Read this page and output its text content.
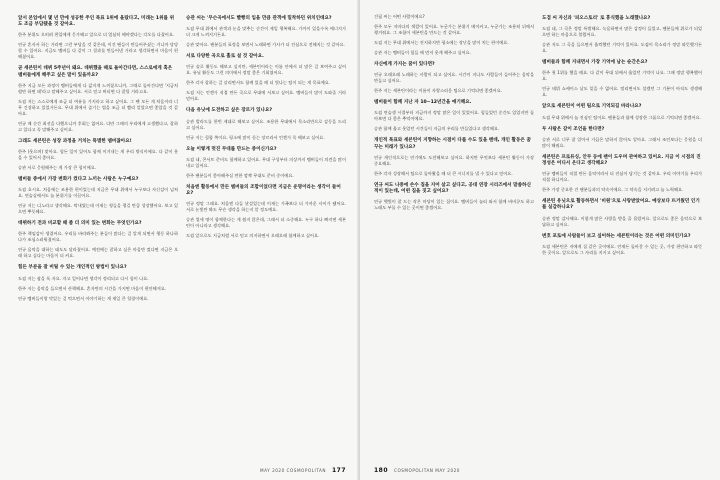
앞서 본업에서 몇 년 만에 성공한 주인 목표 1위에 올랐다고, 미래는 1위를 위도 조금 부담됐을 것 같아요.
한주 분위도 오히려 편입에게 응가해고 앞으로 더 열심히 해야겠다는 각오를 다졌어요.
연규 혼자서 하는 거라면 그런 부담을 것 같은데, 이건 팬들이 만들어주셨는 거니까 당당할 수 있어요. 지금도 멤버들 다 같이 그 결과를 만들어낸 거라고 생각하면서 마음이 편해졌어요.
곧 세븐틴이 데뷔 5주년이 돼요. 데뷔했을 때로 돌아간다면, 스스로에게 혹은 멤버들에게 해주고 싶은 말이 있을까요?
한주 지금 모든 과정이 멤버들에게 다 값지게 느껴졌으니까, 그때로 돌아간다면 '지금처럼만 하면 돼'라고 말해주고 싶어요. 서로 믿고 버티면 다 잘될 거라고요.
도겸 저는 스스로에게 조금 더 여유를 가지라고 하고 싶어요. 그 땐 모든 게 처음이라 너무 긴장하고 있었거든요. 무대 위에서 즐기는 법을 조금 더 빨리 알았으면 좋았을 것 같아요.
연규 매 순간 최선을 다했으니까 후회는 없어요. 다만 그때의 우리에게 고생했다고, 잘하고 있다고 꼭 말해주고 싶어요.
그래도 세븐틴은 성장 과정을 거치는 특별한 멤버잖아요!
한주 (웃으며) 맞아요. 힘든 일이 있어도 함께 이겨내는 게 우리 방식이에요. 다 같이 웃을 수 있어서 좋아요.
승관 서로 응원해주는 게 가장 큰 힘이에요.
멤버들 중에서 가장 변화가 컸다고 느끼는 사람은 누구예요?
도겸 호시요. 처음에는 조용한 편이었는데 지금은 무대 위에서 누구보다 자신감이 넘쳐요. 연습실에서도 늘 분위기를 이끌어요.
연규 저는 디노라고 생각해요. 막내였는데 이제는 형들을 챙길 만큼 성장했어요. 보고 있으면 뿌듯해요.
데뷔하기 전과 비교할 때 좀 더 의미 있는 변화는 무엇인가요?
한주 책임감이 생겼어요. 우리를 바라봐주는 분들이 많다는 걸 알게 되면서 행동 하나하나가 조심스러워졌어요.
연규 음악을 대하는 태도도 달라졌어요. 예전에는 잘하고 싶은 마음만 컸다면 지금은 오래 하고 싶다는 마음이 더 커요.
힘든 부분을 잘 버틸 수 있는 개인적인 방법이 있나요?
도겸 저는 잠을 푹 자요. 자고 일어나면 생각이 정리되고 다시 힘이 나요.
한주 저는 음악을 들으면서 산책해요. 혼자만의 시간을 가지면 마음이 편안해져요.
연규 멤버들이랑 맛있는 걸 먹으면서 이야기하는 게 제일 큰 힐링이에요.
승관 씨는 '무슨곡에서도 빨빵의 입을 만큼 관객에 밀착하던 위치인데요?
도겸 무대 위에서 관객과 눈을 맞추는 순간이 제일 행복해요. 가까이 있을수록 에너지가 더 크게 느껴지거든요.
승관 맞아요. 팬분들의 표정을 보면서 노래하면 가사가 더 진심으로 전해지는 것 같아요.
서로 다양한 곡으로 홀로 설 것 같아요.
연규 솔로 활동도 해보고 싶지만, 세븐틴이라는 이름 안에서 더 많은 걸 보여주고 싶어요. 유닛 활동도 그런 의미에서 정말 좋은 기회였어요.
한주 각자 잘하는 걸 살리면서도 함께 있을 때 더 빛나는 팀이 되는 게 목표예요.
도겸 저는 언젠가 직접 만든 곡으로 무대에 서보고 싶어요. 멤버들이 많이 도와줄 거라 믿어요.
다음 유닛에 도전하고 싶은 장르가 있나요?
승관 발라드를 한번 제대로 해보고 싶어요. 조용한 무대에서 목소리만으로 감동을 드리고 싶어요.
연규 저는 힙합 쪽이요. 평소에 많이 듣는 장르라서 언젠가 꼭 해보고 싶어요.
오늘 이렇게 멋진 무대를 만드는 중이신가요?
도겸 네, 콘서트 준비도 함께하고 있어요. 무대 구성부터 의상까지 멤버들이 의견을 많이 내고 있어요.
한주 팬분들이 좋아해주실 만한 깜짝 무대도 준비 중이에요.
처음엔 활동에서 만든 멤버들의 조합이었다면 지금은 운명이라는 생각이 들어요?
연규 정말 그래요. 처음엔 다들 낯설었는데 이제는 가족보다 더 가까운 사이가 됐어요. 서로 눈빛만 봐도 무슨 생각을 하는지 알 정도예요.
승관 열세 명이 함께한다는 게 쉽지 않은데, 그래서 더 소중해요. 누구 하나 빠지면 세븐틴이 아니라고 생각해요.
도겸 앞으로도 지금처럼 서로 믿고 의지하면서 오래오래 함께하고 싶어요.
MAY 2020 COSMOPOLITAN 177
건필 씨는 어떤 사람이에요?
한주 모두 저마다의 색깔이 있어요. 누군가는 분위기 메이커고, 누군가는 조용히 뒤에서 챙겨줘요. 그 조합이 세븐틴을 만드는 것 같아요.
도겸 저는 무대 위에서는 진지하지만 평소에는 장난을 많이 치는 편이에요.
승관 저는 멤버들이 힘들 때 먼저 웃게 해주고 싶어요.
자신에게 가지는 꿈이 있다면?
연규 오래오래 노래하는 사람이 되고 싶어요. 시간이 지나도 사람들이 들어주는 음악을 만들고 싶어요.
한주 저는 세븐틴이라는 이름이 자랑스러운 팀으로 기억되면 좋겠어요.
멤버들이 함께 지난 자 10~12년간을 얘기해요.
도겸 연습생 시절부터 지금까지 정말 많은 일이 있었어요. 힘들었던 순간도 있었지만 돌아보면 다 좋은 추억이에요.
승관 함께 울고 웃었던 시간들이 지금의 우리를 만들었다고 생각해요.
개인적 목표와 세븐틴이 지향하는 시점이 다를 수도 있을 텐데, 개인 활동은 꿈꾸는 미래가 있나요?
연규 개인적으로는 연기에도 도전해보고 싶어요. 하지만 무엇보다 세븐틴 활동이 가장 중요해요.
한주 각자 성장해서 팀으로 돌아왔을 때 더 큰 시너지를 낼 수 있다고 믿어요.
연규 씨도 나중에 손수 집을 지어 살고 싶다고, 공대 연장 시리즈에서 말씀하신 적이 있는데, 어떤 집을 짓고 싶어요?
연규 햇빛이 잘 드는 작은 마당이 있는 집이요. 멤버들이 놀러 와서 함께 바비큐도 하고 노래도 부를 수 있는 곳이면 좋겠어요.
도겸 씨 자신과 '피오스토리' 로 휴식했을 노래했나요?
도겸 네, 그 곡은 정말 특별해요. 녹음하면서 많은 감정이 들었고, 팬분들께 위로가 되었으면 하는 마음으로 불렀어요.
승관 저도 그 곡을 들으면서 울컥했던 기억이 있어요. 도겸이 목소리가 정말 따뜻했거든요.
멤버들과 함께 지내면서 가장 기억에 남는 순간은요?
한주 첫 1위를 했을 때요. 다 같이 무대 뒤에서 울었던 기억이 나요. 그때 정말 행복했어요.
연규 데뷔 쇼케이스 날도 잊을 수 없어요. 떨리면서도 설렜던 그 기분이 아직도 생생해요.
앞으로 세븐틴이 어떤 팀으로 기억되길 바라나요?
도겸 무대 위에서 늘 진심인 팀이요. 팬분들과 함께 성장한 그룹으로 기억되면 좋겠어요.
두 사람은 같이 조언을 한다면?
승관 서로 너무 잘 알아서 가끔은 말하지 않아도 알아요. 그래서 조언보다는 응원을 더 많이 해줘요.
세븐틴은 프로듀싱, 안무 등에 팬이 도우며 관여하고 있어요. 지금 이 시점의 진정성은 어디서 온다고 생각해요?
연규 멤버들이 직접 만든 음악이라서 더 진심이 담기는 것 같아요. 우리 이야기를 우리가 직접 하니까요.
한주 가장 중요한 건 팬분들과의 약속이에요. 그 약속을 지키려고 늘 노력해요.
세븐틴 유닛으로 활동하면서 '비원'으로 사랑받았어요. 예상보다 뜨거웠던 인기를 실감하나요?
승관 정말 감사해요. 이렇게 많은 사랑을 받을 줄 몰랐어요. 앞으로도 좋은 음악으로 보답하고 싶어요.
변호 포토에 사람들이 보고 싶어하는 세븐틴이라는 것은 어떤 의미인가요?
도겸 세븐틴은 저에게 집 같은 곳이에요. 언제든 돌아갈 수 있는 곳, 가장 편안하고 따뜻한 곳이요. 앞으로도 그 자리를 지키고 싶어요.
180 COSMOPOLITAN MAY 2020
